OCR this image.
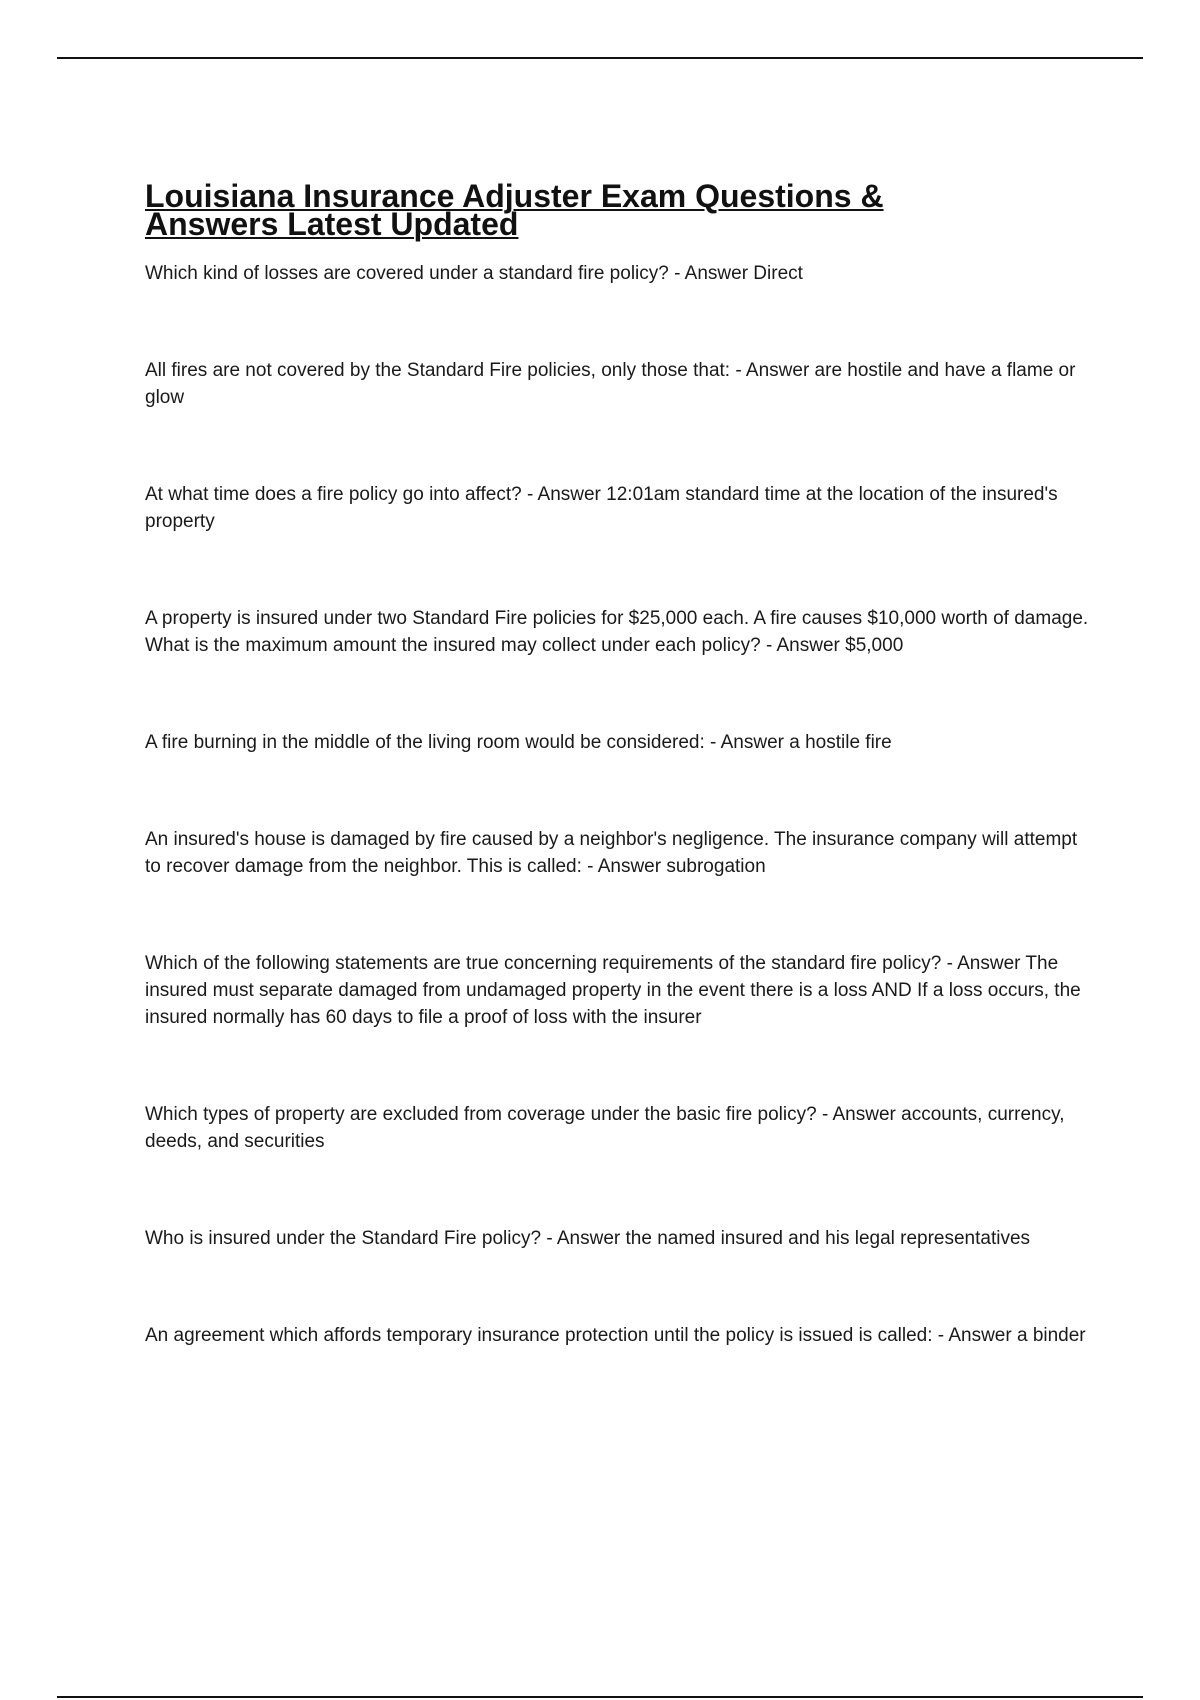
Louisiana Insurance Adjuster Exam Questions & Answers Latest Updated

Which kind of losses are covered under a standard fire policy? - Answer Direct

All fires are not covered by the Standard Fire policies, only those that: - Answer are hostile and have a flame or glow

At what time does a fire policy go into affect? - Answer 12:01am standard time at the location of the insured's property

A property is insured under two Standard Fire policies for $25,000 each. A fire causes $10,000 worth of damage. What is the maximum amount the insured may collect under each policy? - Answer $5,000

A fire burning in the middle of the living room would be considered: - Answer a hostile fire

An insured's house is damaged by fire caused by a neighbor's negligence. The insurance company will attempt to recover damage from the neighbor. This is called: - Answer subrogation

Which of the following statements are true concerning requirements of the standard fire policy? - Answer The insured must separate damaged from undamaged property in the event there is a loss AND If a loss occurs, the insured normally has 60 days to file a proof of loss with the insurer

Which types of property are excluded from coverage under the basic fire policy? - Answer accounts, currency, deeds, and securities

Who is insured under the Standard Fire policy? - Answer the named insured and his legal representatives

An agreement which affords temporary insurance protection until the policy is issued is called: - Answer a binder
